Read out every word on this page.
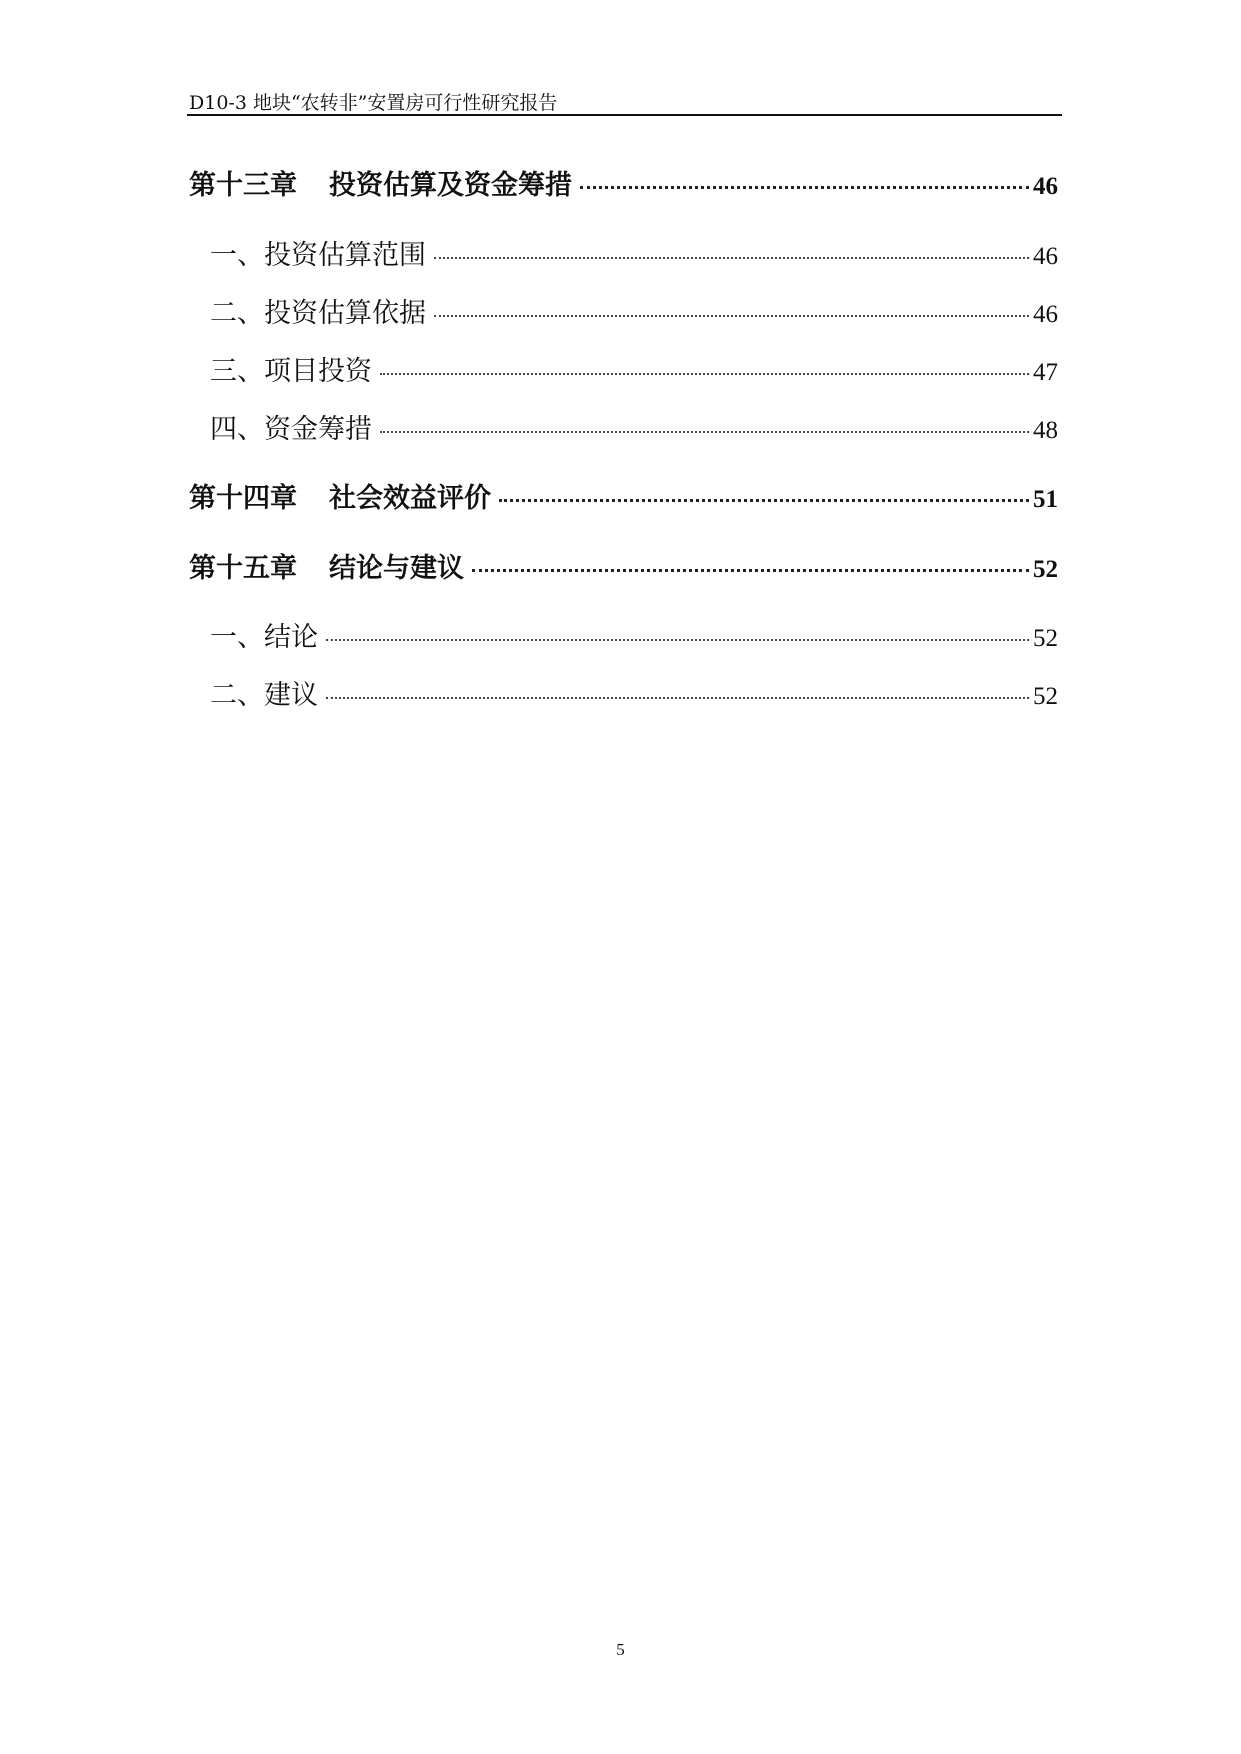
D10-3 地块“农转非”安置房可行性研究报告
第十三章 投资估算及资金筹措	46
一、投资估算范围	46
二、投资估算依据	46
三、项目投资	47
四、资金筹措	48
第十四章 社会效益评价	51
第十五章 结论与建议	52
一、结论	52
二、建议	52
5
